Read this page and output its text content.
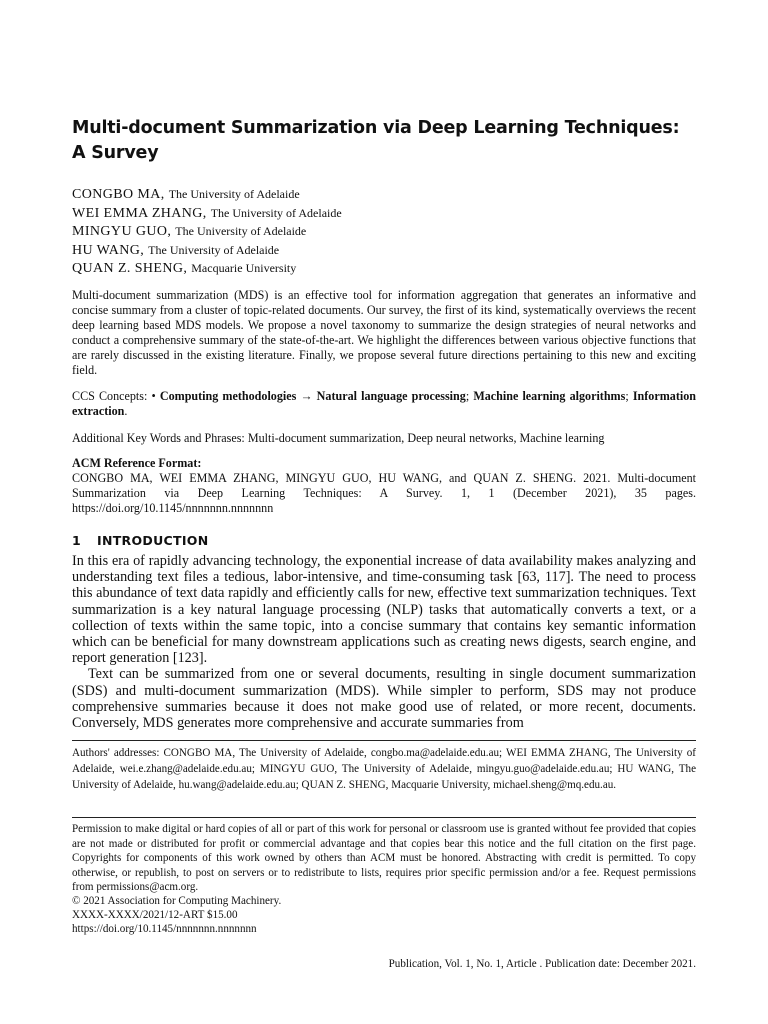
Multi-document Summarization via Deep Learning Techniques: A Survey
CONGBO MA, The University of Adelaide
WEI EMMA ZHANG, The University of Adelaide
MINGYU GUO, The University of Adelaide
HU WANG, The University of Adelaide
QUAN Z. SHENG, Macquarie University
Multi-document summarization (MDS) is an effective tool for information aggregation that generates an informative and concise summary from a cluster of topic-related documents. Our survey, the first of its kind, systematically overviews the recent deep learning based MDS models. We propose a novel taxonomy to summarize the design strategies of neural networks and conduct a comprehensive summary of the state-of-the-art. We highlight the differences between various objective functions that are rarely discussed in the existing literature. Finally, we propose several future directions pertaining to this new and exciting field.
CCS Concepts: • Computing methodologies → Natural language processing; Machine learning algorithms; Information extraction.
Additional Key Words and Phrases: Multi-document summarization, Deep neural networks, Machine learning
ACM Reference Format:
CONGBO MA, WEI EMMA ZHANG, MINGYU GUO, HU WANG, and QUAN Z. SHENG. 2021. Multi-document Summarization via Deep Learning Techniques: A Survey. 1, 1 (December 2021), 35 pages. https://doi.org/10.1145/nnnnnnn.nnnnnnn
1 INTRODUCTION

In this era of rapidly advancing technology, the exponential increase of data availability makes analyzing and understanding text files a tedious, labor-intensive, and time-consuming task [63, 117]. The need to process this abundance of text data rapidly and efficiently calls for new, effective text summarization techniques. Text summarization is a key natural language processing (NLP) tasks that automatically converts a text, or a collection of texts within the same topic, into a concise summary that contains key semantic information which can be beneficial for many downstream applications such as creating news digests, search engine, and report generation [123].

Text can be summarized from one or several documents, resulting in single document summarization (SDS) and multi-document summarization (MDS). While simpler to perform, SDS may not produce comprehensive summaries because it does not make good use of related, or more recent, documents. Conversely, MDS generates more comprehensive and accurate summaries from

Authors' addresses: CONGBO MA, The University of Adelaide, congbo.ma@adelaide.edu.au; WEI EMMA ZHANG, The University of Adelaide, wei.e.zhang@adelaide.edu.au; MINGYU GUO, The University of Adelaide, mingyu.guo@adelaide.edu.au; HU WANG, The University of Adelaide, hu.wang@adelaide.edu.au; QUAN Z. SHENG, Macquarie University, michael.sheng@mq.edu.au.
Permission to make digital or hard copies of all or part of this work for personal or classroom use is granted without fee provided that copies are not made or distributed for profit or commercial advantage and that copies bear this notice and the full citation on the first page. Copyrights for components of this work owned by others than ACM must be honored. Abstracting with credit is permitted. To copy otherwise, or republish, to post on servers or to redistribute to lists, requires prior specific permission and/or a fee. Request permissions from permissions@acm.org.
© 2021 Association for Computing Machinery.
XXXX-XXXX/2021/12-ART $15.00
https://doi.org/10.1145/nnnnnnn.nnnnnnn
Publication, Vol. 1, No. 1, Article . Publication date: December 2021.
